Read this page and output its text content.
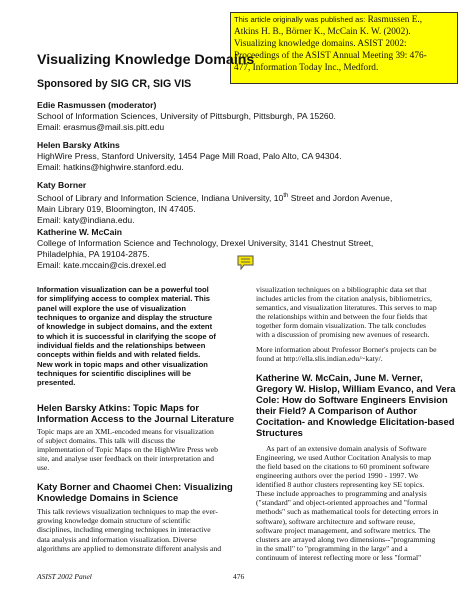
This article originally was published as: Rasmussen E.,
Atkins H. B., Börner K., McCain K. W. (2002).
Visualizing knowledge domains. ASIST 2002:
Proceedings of the ASIST Annual Meeting 39: 476-
477, Information Today Inc., Medford.
Visualizing Knowledge Domains
Sponsored by SIG CR, SIG VIS
Edie Rasmussen (moderator)
School of Information Sciences, University of Pittsburgh, Pittsburgh, PA 15260.
Email: erasmus@mail.sis.pitt.edu
Helen Barsky Atkins
HighWire Press, Stanford University, 1454 Page Mill Road, Palo Alto, CA 94304.
Email: hatkins@highwire.stanford.edu.
Katy Borner
School of Library and Information Science, Indiana University, 10th Street and Jordon Avenue,
Main Library 019, Bloomington, IN 47405.
Email: katy@indiana.edu.
Katherine W. McCain
College of Information Science and Technology, Drexel University, 3141 Chestnut Street,
Philadelphia, PA 19104-2875.
Email: kate.mccain@cis.drexel.ed
Information visualization can be a powerful tool
for simplifying access to complex material. This
panel will explore the use of visualization
techniques to organize and display the structure
of knowledge in subject domains, and the extent
to which it is successful in clarifying the scope of
individual fields and the relationships between
concepts within fields and with related fields.
New work in topic maps and other visualization
techniques for scientific disciplines will be
presented.
Helen Barsky Atkins: Topic Maps for
Information Access to the Journal Literature
Topic maps are an XML-encoded means for visualization
of subject domains. This talk will discuss the
implementation of Topic Maps on the HighWire Press web
site, and analyse user feedback on their interpretation and
use.
Katy Borner and Chaomei Chen: Visualizing
Knowledge Domains in Science
This talk reviews visualization techniques to map the ever-
growing knowledge domain structure of scientific
disciplines, including emerging techniques in interactive
data analysis and information visualization. Diverse
algorithms are applied to demonstrate different analysis and
visualization techniques on a bibliographic data set that
includes articles from the citation analysis, bibliometrics,
semantics, and visualization literatures. This serves to map
the relationships within and between the four fields that
together form domain visualization. The talk concludes
with a discussion of promising new avenues of research.
More information about Professor Borner's projects can be
found at http://ella.slis.indian.edu/~katy/.
Katherine W. McCain, June M. Verner,
Gregory W. Hislop, William Evanco, and Vera
Cole: How do Software Engineers Envision
their Field? A Comparison of Author
Cocitation- and Knowledge Elicitation-based
Structures
As part of an extensive domain analysis of Software
Engineering, we used Author Cocitation Analysis to map
the field based on the citations to 60 prominent software
engineering authors over the period 1990 - 1997. We
identified 8 author clusters representing key SE topics.
These include approaches to programming and analysis
("standard" and object-oriented approaches and "formal
methods" such as mathematical tools for detecting errors in
software), software architecture and software reuse,
software project management, and software metrics. The
clusters are arrayed along two dimensions--"programming
in the small" to "programming in the large" and a
continuum of interest reflecting more or less "formal"
ASIST 2002 Panel	476
